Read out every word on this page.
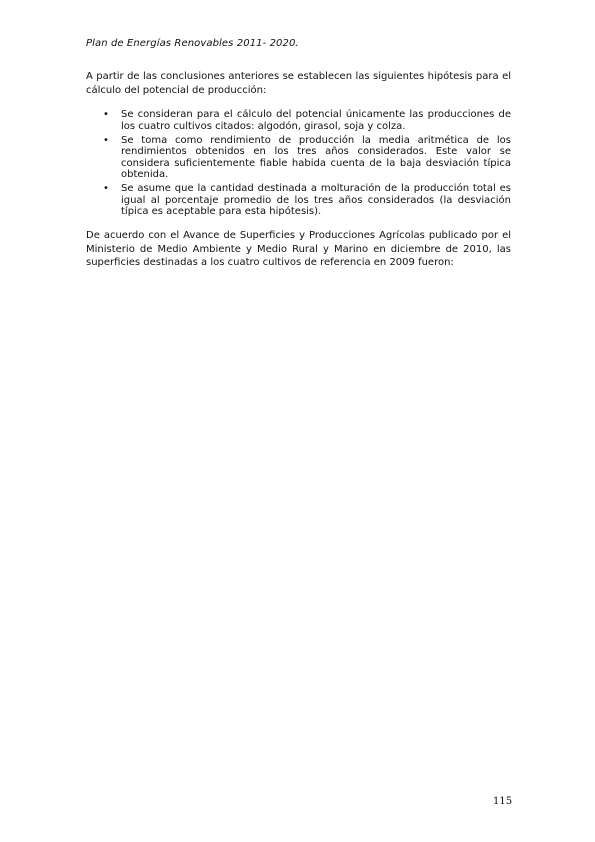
Plan de Energías Renovables 2011- 2020.

A partir de las conclusiones anteriores se establecen las siguientes hipótesis para el cálculo del potencial de producción:

• Se consideran para el cálculo del potencial únicamente las producciones de los cuatro cultivos citados: algodón, girasol, soja y colza.
• Se toma como rendimiento de producción la media aritmética de los rendimientos obtenidos en los tres años considerados. Este valor se considera suficientemente fiable habida cuenta de la baja desviación típica obtenida.
• Se asume que la cantidad destinada a molturación de la producción total es igual al porcentaje promedio de los tres años considerados (la desviación típica es aceptable para esta hipótesis).

De acuerdo con el Avance de Superficies y Producciones Agrícolas publicado por el Ministerio de Medio Ambiente y Medio Rural y Marino en diciembre de 2010, las superficies destinadas a los cuatro cultivos de referencia en 2009 fueron:

115
